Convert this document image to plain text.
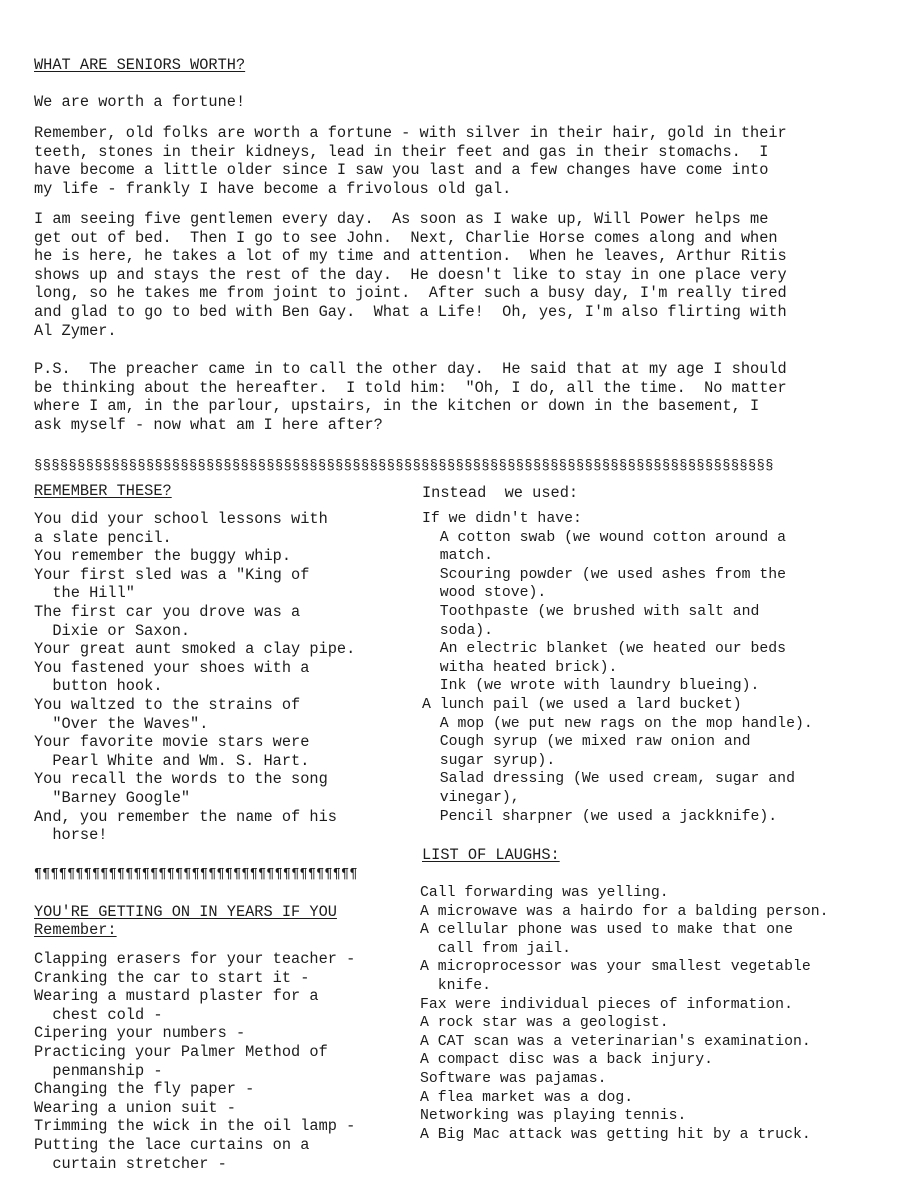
WHAT ARE SENIORS WORTH?
We are worth a fortune!
Remember, old folks are worth a fortune - with silver in their hair, gold in their
teeth, stones in their kidneys, lead in their feet and gas in their stomachs.  I
have become a little older since I saw you last and a few changes have come into
my life - frankly I have become a frivolous old gal.
I am seeing five gentlemen every day.  As soon as I wake up, Will Power helps me
get out of bed.  Then I go to see John.  Next, Charlie Horse comes along and when
he is here, he takes a lot of my time and attention.  When he leaves, Arthur Ritis
shows up and stays the rest of the day.  He doesn't like to stay in one place very
long, so he takes me from joint to joint.  After such a busy day, I'm really tired
and glad to go to bed with Ben Gay.  What a Life!  Oh, yes, I'm also flirting with
Al Zymer.
P.S.  The preacher came in to call the other day.  He said that at my age I should
be thinking about the hereafter.  I told him:  "Oh, I do, all the time.  No matter
where I am, in the parlour, upstairs, in the kitchen or down in the basement, I
ask myself - now what am I here after?
§§§§§§§§§§§§§§§§§§§§§§§§§§§§§§§§§§§§§§§§§§§§§§§§§§§§§§§§§§§§§§§§§§§§§§§§§§§§§§§§§§§§§§
REMEMBER THESE?
You did your school lessons with
a slate pencil.
You remember the buggy whip.
Your first sled was a "King of
the Hill"
The first car you drove was a
Dixie or Saxon.
Your great aunt smoked a clay pipe.
You fastened your shoes with a
button hook.
You waltzed to the strains of
"Over the Waves".
Your favorite movie stars were
Pearl White and Wm. S. Hart.
You recall the words to the song
"Barney Google"
And, you remember the name of his
horse!
¶¶¶¶¶¶¶¶¶¶¶¶¶¶¶¶¶¶¶¶¶¶¶¶¶¶¶¶¶¶¶¶¶¶¶¶¶¶¶
YOU'RE GETTING ON IN YEARS IF YOU
Remember:
Clapping erasers for your teacher -
Cranking the car to start it -
Wearing a mustard plaster for a
chest cold -
Cipering your numbers -
Practicing your Palmer Method of
penmanship -
Changing the fly paper -
Wearing a union suit -
Trimming the wick in the oil lamp -
Putting the lace curtains on a
curtain stretcher -
Instead  we used:
If we didn't have:
A cotton swab (we wound cotton around a
match.
Scouring powder (we used ashes from the
wood stove).
Toothpaste (we brushed with salt and
soda).
An electric blanket (we heated our beds
witha heated brick).
Ink (we wrote with laundry blueing).
A lunch pail (we used a lard bucket)
A mop (we put new rags on the mop handle).
Cough syrup (we mixed raw onion and
sugar syrup).
Salad dressing (We used cream, sugar and
vinegar),
Pencil sharpner (we used a jackknife).
LIST OF LAUGHS:
Call forwarding was yelling.
A microwave was a hairdo for a balding person.
A cellular phone was used to make that one
call from jail.
A microprocessor was your smallest vegetable
knife.
Fax were individual pieces of information.
A rock star was a geologist.
A CAT scan was a veterinarian's examination.
A compact disc was a back injury.
Software was pajamas.
A flea market was a dog.
Networking was playing tennis.
A Big Mac attack was getting hit by a truck.
